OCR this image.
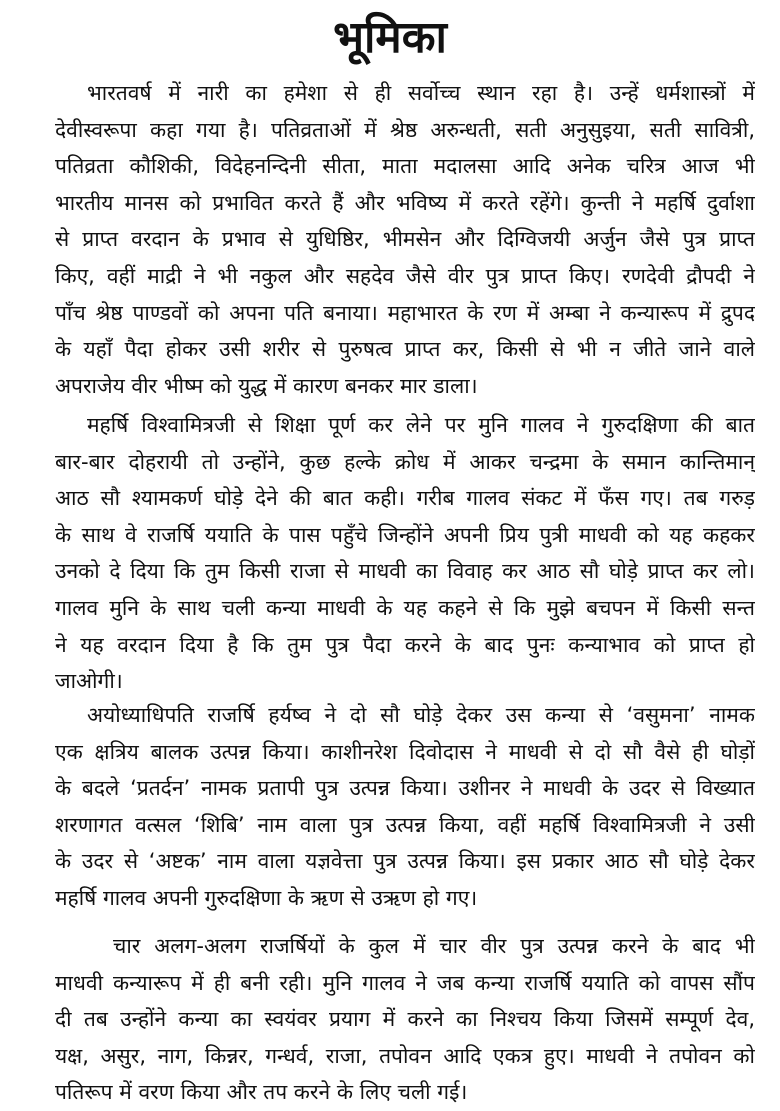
भूमिका
भारतवर्ष में नारी का हमेशा से ही सर्वोच्च स्थान रहा है। उन्हें धर्मशास्त्रों में
देवीस्वरूपा कहा गया है। पतिव्रताओं में श्रेष्ठ अरुन्धती, सती अनुसुइया, सती सावित्री,
पतिव्रता कौशिकी, विदेहनन्दिनी सीता, माता मदालसा आदि अनेक चरित्र आज भी
भारतीय मानस को प्रभावित करते हैं और भविष्य में करते रहेंगे। कुन्ती ने महर्षि दुर्वाशा
से प्राप्त वरदान के प्रभाव से युधिष्ठिर, भीमसेन और दिग्विजयी अर्जुन जैसे पुत्र प्राप्त
किए, वहीं माद्री ने भी नकुल और सहदेव जैसे वीर पुत्र प्राप्त किए। रणदेवी द्रौपदी ने
पाँच श्रेष्ठ पाण्डवों को अपना पति बनाया। महाभारत के रण में अम्बा ने कन्यारूप में द्रुपद
के यहाँ पैदा होकर उसी शरीर से पुरुषत्व प्राप्त कर, किसी से भी न जीते जाने वाले
अपराजेय वीर भीष्म को युद्ध में कारण बनकर मार डाला।
महर्षि विश्वामित्रजी से शिक्षा पूर्ण कर लेने पर मुनि गालव ने गुरुदक्षिणा की बात
बार-बार दोहरायी तो उन्होंने, कुछ हल्के क्रोध में आकर चन्द्रमा के समान कान्तिमान्
आठ सौ श्यामकर्ण घोड़े देने की बात कही। गरीब गालव संकट में फँस गए। तब गरुड़
के साथ वे राजर्षि ययाति के पास पहुँचे जिन्होंने अपनी प्रिय पुत्री माधवी को यह कहकर
उनको दे दिया कि तुम किसी राजा से माधवी का विवाह कर आठ सौ घोड़े प्राप्त कर लो।
गालव मुनि के साथ चली कन्या माधवी के यह कहने से कि मुझे बचपन में किसी सन्त
ने यह वरदान दिया है कि तुम पुत्र पैदा करने के बाद पुनः कन्याभाव को प्राप्त हो
जाओगी।
अयोध्याधिपति राजर्षि हर्यष्व ने दो सौ घोड़े देकर उस कन्या से ‘वसुमना’ नामक
एक क्षत्रिय बालक उत्पन्न किया। काशीनरेश दिवोदास ने माधवी से दो सौ वैसे ही घोड़ों
के बदले ‘प्रतर्दन’ नामक प्रतापी पुत्र उत्पन्न किया। उशीनर ने माधवी के उदर से विख्यात
शरणागत वत्सल ‘शिबि’ नाम वाला पुत्र उत्पन्न किया, वहीं महर्षि विश्वामित्रजी ने उसी
के उदर से ‘अष्टक’ नाम वाला यज्ञवेत्ता पुत्र उत्पन्न किया। इस प्रकार आठ सौ घोड़े देकर
महर्षि गालव अपनी गुरुदक्षिणा के ऋण से उऋण हो गए।
चार अलग-अलग राजर्षियों के कुल में चार वीर पुत्र उत्पन्न करने के बाद भी
माधवी कन्यारूप में ही बनी रही। मुनि गालव ने जब कन्या राजर्षि ययाति को वापस सौंप
दी तब उन्होंने कन्या का स्वयंवर प्रयाग में करने का निश्चय किया जिसमें सम्पूर्ण देव,
यक्ष, असुर, नाग, किन्नर, गन्धर्व, राजा, तपोवन आदि एकत्र हुए। माधवी ने तपोवन को
पतिरूप में वरण किया और तप करने के लिए चली गई।
